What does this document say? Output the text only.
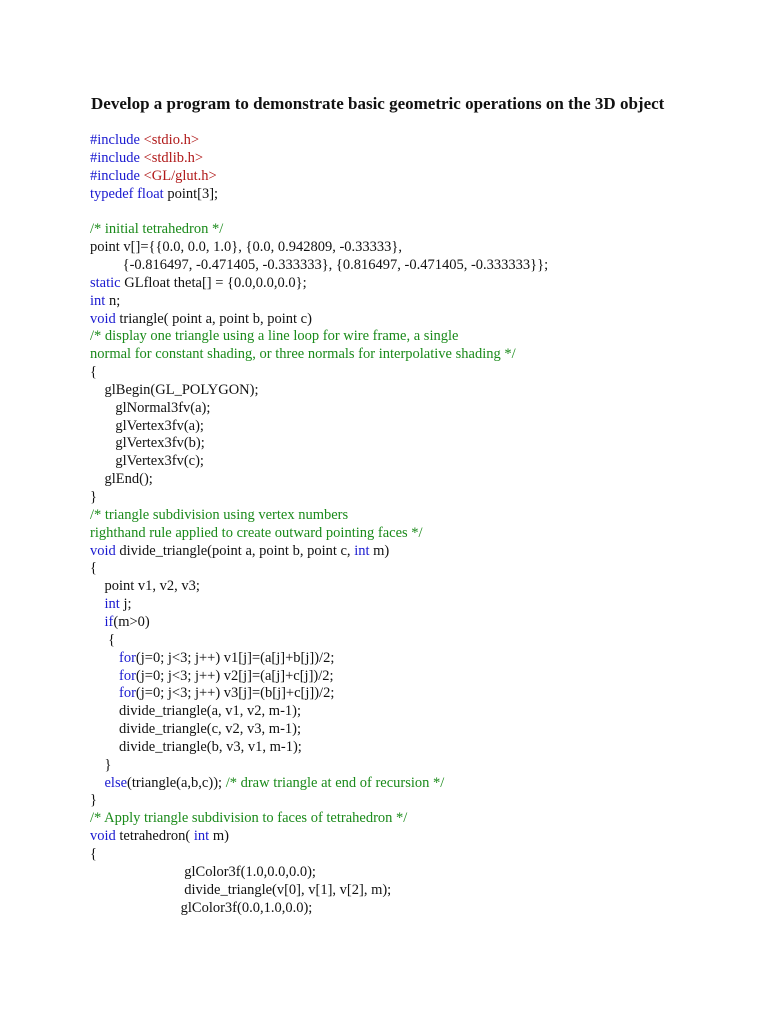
Develop a program to demonstrate basic geometric operations on the 3D object
#include <stdio.h>
#include <stdlib.h>
#include <GL/glut.h>
typedef float point[3];
/* initial tetrahedron */
point v[]={{0.0, 0.0, 1.0}, {0.0, 0.942809, -0.33333},
{-0.816497, -0.471405, -0.333333}, {0.816497, -0.471405, -0.333333}};
static GLfloat theta[] = {0.0,0.0,0.0};
int n;
void triangle( point a, point b, point c)
/* display one triangle using a line loop for wire frame, a single
normal for constant shading, or three normals for interpolative shading */
{
glBegin(GL_POLYGON);
glNormal3fv(a);
glVertex3fv(a);
glVertex3fv(b);
glVertex3fv(c);
glEnd();
}
/* triangle subdivision using vertex numbers
righthand rule applied to create outward pointing faces */
void divide_triangle(point a, point b, point c, int m)
{
point v1, v2, v3;
int j;
if(m>0)
{
for(j=0; j<3; j++) v1[j]=(a[j]+b[j])/2;
for(j=0; j<3; j++) v2[j]=(a[j]+c[j])/2;
for(j=0; j<3; j++) v3[j]=(b[j]+c[j])/2;
divide_triangle(a, v1, v2, m-1);
divide_triangle(c, v2, v3, m-1);
divide_triangle(b, v3, v1, m-1);
}
else(triangle(a,b,c)); /* draw triangle at end of recursion */
}
/* Apply triangle subdivision to faces of tetrahedron */
void tetrahedron( int m)
{
glColor3f(1.0,0.0,0.0);
divide_triangle(v[0], v[1], v[2], m);
glColor3f(0.0,1.0,0.0);
